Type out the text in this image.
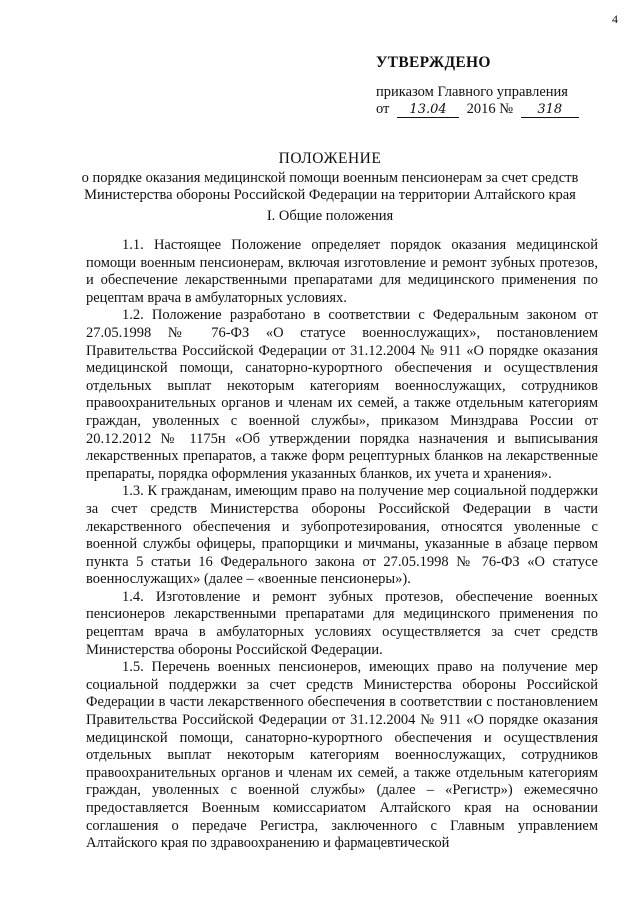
4
УТВЕРЖДЕНО
приказом Главного управления
от 13.04 2016 № 318
ПОЛОЖЕНИЕ
о порядке оказания медицинской помощи военным пенсионерам за счет средств
Министерства обороны Российской Федерации на территории Алтайского края
I. Общие положения

1.1. Настоящее Положение определяет порядок оказания медицинской помощи военным пенсионерам, включая изготовление и ремонт зубных протезов, и обеспечение лекарственными препаратами для медицинского применения по рецептам врача в амбулаторных условиях.

1.2. Положение разработано в соответствии с Федеральным законом от 27.05.1998 № 76-ФЗ «О статусе военнослужащих», постановлением Правительства Российской Федерации от 31.12.2004 № 911 «О порядке оказания медицинской помощи, санаторно-курортного обеспечения и осуществления отдельных выплат некоторым категориям военнослужащих, сотрудников правоохранительных органов и членам их семей, а также отдельным категориям граждан, уволенных с военной службы», приказом Минздрава России от 20.12.2012 № 1175н «Об утверждении порядка назначения и выписывания лекарственных препаратов, а также форм рецептурных бланков на лекарственные препараты, порядка оформления указанных бланков, их учета и хранения».

1.3. К гражданам, имеющим право на получение мер социальной поддержки за счет средств Министерства обороны Российской Федерации в части лекарственного обеспечения и зубопротезирования, относятся уволенные с военной службы офицеры, прапорщики и мичманы, указанные в абзаце первом пункта 5 статьи 16 Федерального закона от 27.05.1998 № 76-ФЗ «О статусе военнослужащих» (далее – «военные пенсионеры»).

1.4. Изготовление и ремонт зубных протезов, обеспечение военных пенсионеров лекарственными препаратами для медицинского применения по рецептам врача в амбулаторных условиях осуществляется за счет средств Министерства обороны Российской Федерации.

1.5. Перечень военных пенсионеров, имеющих право на получение мер социальной поддержки за счет средств Министерства обороны Российской Федерации в части лекарственного обеспечения в соответствии с постановлением Правительства Российской Федерации от 31.12.2004 № 911 «О порядке оказания медицинской помощи, санаторно-курортного обеспечения и осуществления отдельных выплат некоторым категориям военнослужащих, сотрудников правоохранительных органов и членам их семей, а также отдельным категориям граждан, уволенных с военной службы» (далее – «Регистр») ежемесячно предоставляется Военным комиссариатом Алтайского края на основании соглашения о передаче Регистра, заключенного с Главным управлением Алтайского края по здравоохранению и фармацевтической
